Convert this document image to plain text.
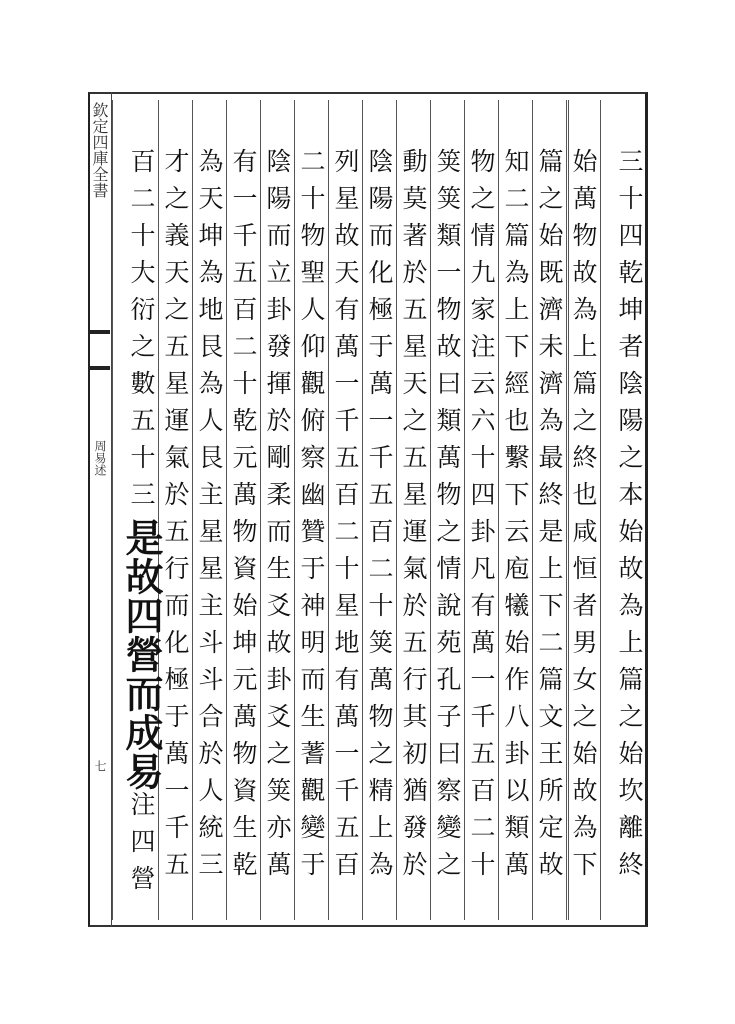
欽定四庫全書
周易述
七	三十四乾坤者陰陽之本始故為上篇之始坎離終
始萬物故為上篇之終也咸恒者男女之始故為下
篇之始既濟未濟為最終是上下二篇文王所定故
知二篇為上下經也繫下云庖犧始作八卦以類萬
物之情九家注云六十四卦凡有萬一千五百二十
䇲䇲類一物故曰類萬物之情說苑孔子曰察變之
動莫著於五星天之五星運氣於五行其初猶發於
陰陽而化極于萬一千五百二十䇲萬物之精上為
列星故天有萬一千五百二十星地有萬一千五百
二十物聖人仰觀俯察幽贊于神明而生蓍觀變于
陰陽而立卦發揮於剛柔而生爻故卦爻之䇲亦萬
有一千五百二十乾元萬物資始坤元萬物資生乾
為天坤為地艮為人艮主星星主斗斗合於人統三
才之義天之五星運氣於五行而化極于萬一千五
百二十大衍之數五十三是故四營而成易注四營
